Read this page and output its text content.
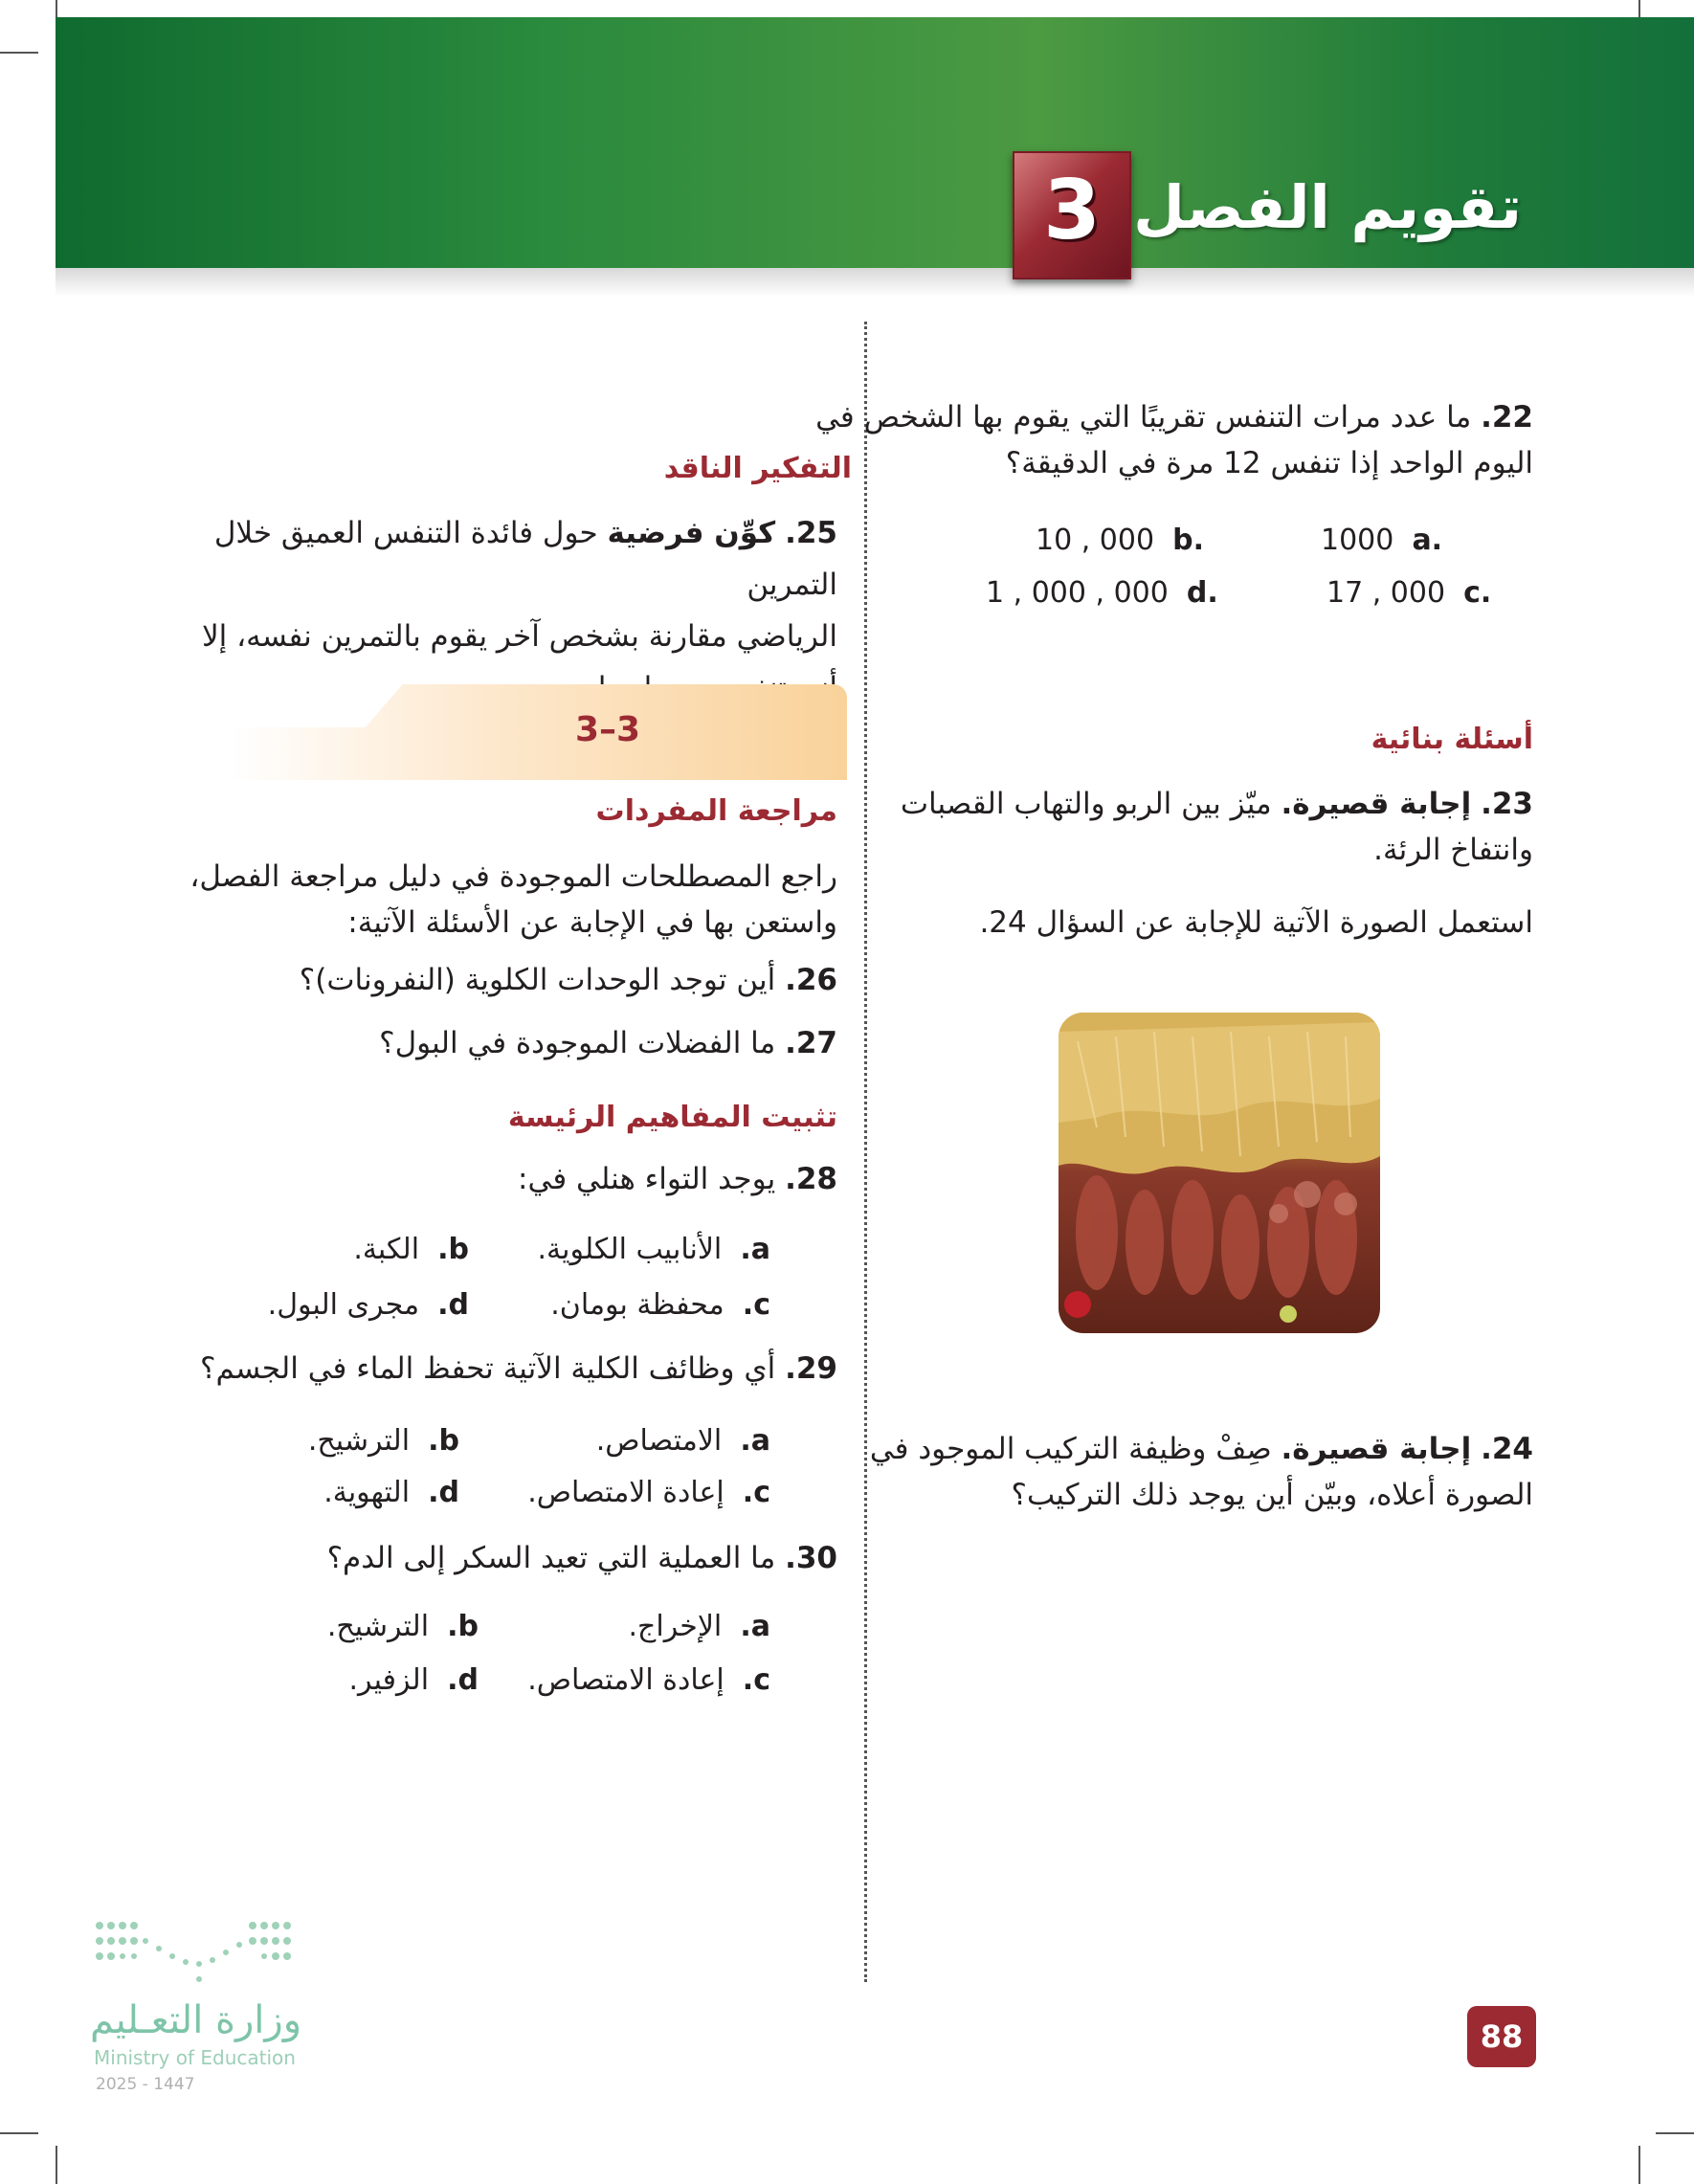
تقويم الفصل
3
22. ما عدد مرات التنفس تقريبًا التي يقوم بها الشخص في
اليوم الواحد إذا تنفس 12 مرة في الدقيقة؟
1000 a.
10 , 000 b.
17 , 000 c.
1 , 000 , 000 d.
أسئلة بنائية
23. إجابة قصيرة. ميّز بين الربو والتهاب القصبات
وانتفاخ الرئة.
استعمل الصورة الآتية للإجابة عن السؤال 24.
24. إجابة قصيرة. صِفْ وظيفة التركيب الموجود في
الصورة أعلاه، وبيّن أين يوجد ذلك التركيب؟
التفكير الناقد
25. كوِّن فرضية حول فائدة التنفس العميق خلال التمرين
الرياضي مقارنة بشخص آخر يقوم بالتمرين نفسه، إلا
3–3
مراجعة المفردات
راجع المصطلحات الموجودة في دليل مراجعة الفصل،
واستعن بها في الإجابة عن الأسئلة الآتية:
26. أين توجد الوحدات الكلوية (النفرونات)؟
27. ما الفضلات الموجودة في البول؟
تثبيت المفاهيم الرئيسة
28. يوجد التواء هنلي في:
a.  الأنابيب الكلوية.
b.  الكبة.
c.  محفظة بومان.
d.  مجرى البول.
29. أي وظائف الكلية الآتية تحفظ الماء في الجسم؟
a.  الامتصاص.
b.  الترشيح.
c.  إعادة الامتصاص.
d.  التهوية.
30. ما العملية التي تعيد السكر إلى الدم؟
a.  الإخراج.
b.  الترشيح.
c.  إعادة الامتصاص.
d.  الزفير.
وزارة التعـليم
Ministry of Education
2025 - 1447
88
